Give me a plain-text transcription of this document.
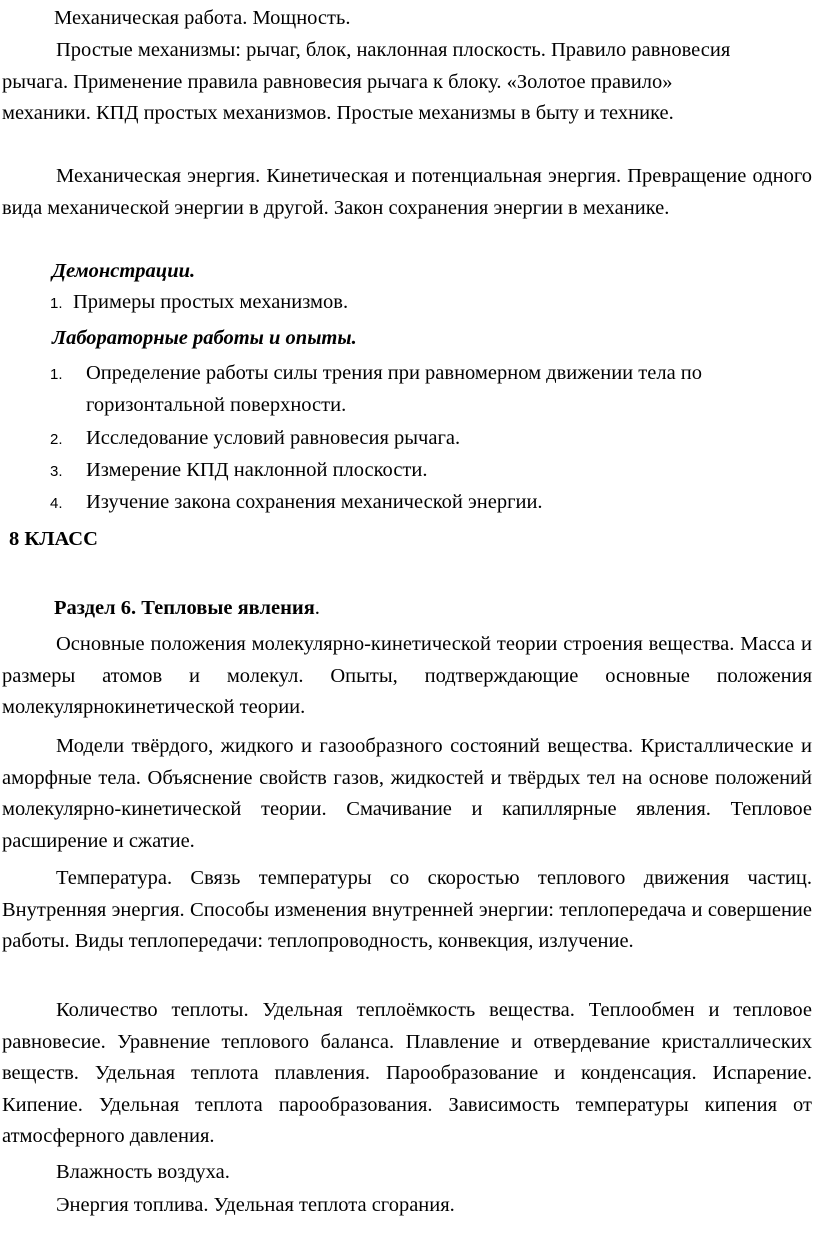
Механическая работа. Мощность.

Простые механизмы: рычаг, блок, наклонная плоскость. Правило равновесия рычага. Применение правила равновесия рычага к блоку. «Золотое правило» механики. КПД простых механизмов. Простые механизмы в быту и технике.

Механическая энергия. Кинетическая и потенциальная энергия. Превращение одного вида механической энергии в другой. Закон сохранения энергии в механике.

Демонстрации.

1. Примеры простых механизмов.

Лабораторные работы и опыты.

1. Определение работы силы трения при равномерном движении тела по горизонтальной поверхности.
2. Исследование условий равновесия рычага.
3. Измерение КПД наклонной плоскости.
4. Изучение закона сохранения механической энергии.

8 КЛАСС

Раздел 6. Тепловые явления.

Основные положения молекулярно-кинетической теории строения вещества. Масса и размеры атомов и молекул. Опыты, подтверждающие основные положения молекулярнокинетической теории.

Модели твёрдого, жидкого и газообразного состояний вещества. Кристаллические и аморфные тела. Объяснение свойств газов, жидкостей и твёрдых тел на основе положений молекулярно-кинетической теории. Смачивание и капиллярные явления. Тепловое расширение и сжатие.

Температура. Связь температуры со скоростью теплового движения частиц. Внутренняя энергия. Способы изменения внутренней энергии: теплопередача и совершение работы. Виды теплопередачи: теплопроводность, конвекция, излучение.

Количество теплоты. Удельная теплоёмкость вещества. Теплообмен и тепловое равновесие. Уравнение теплового баланса. Плавление и отвердевание кристаллических веществ. Удельная теплота плавления. Парообразование и конденсация. Испарение. Кипение. Удельная теплота парообразования. Зависимость температуры кипения от атмосферного давления.

Влажность воздуха.

Энергия топлива. Удельная теплота сгорания.
